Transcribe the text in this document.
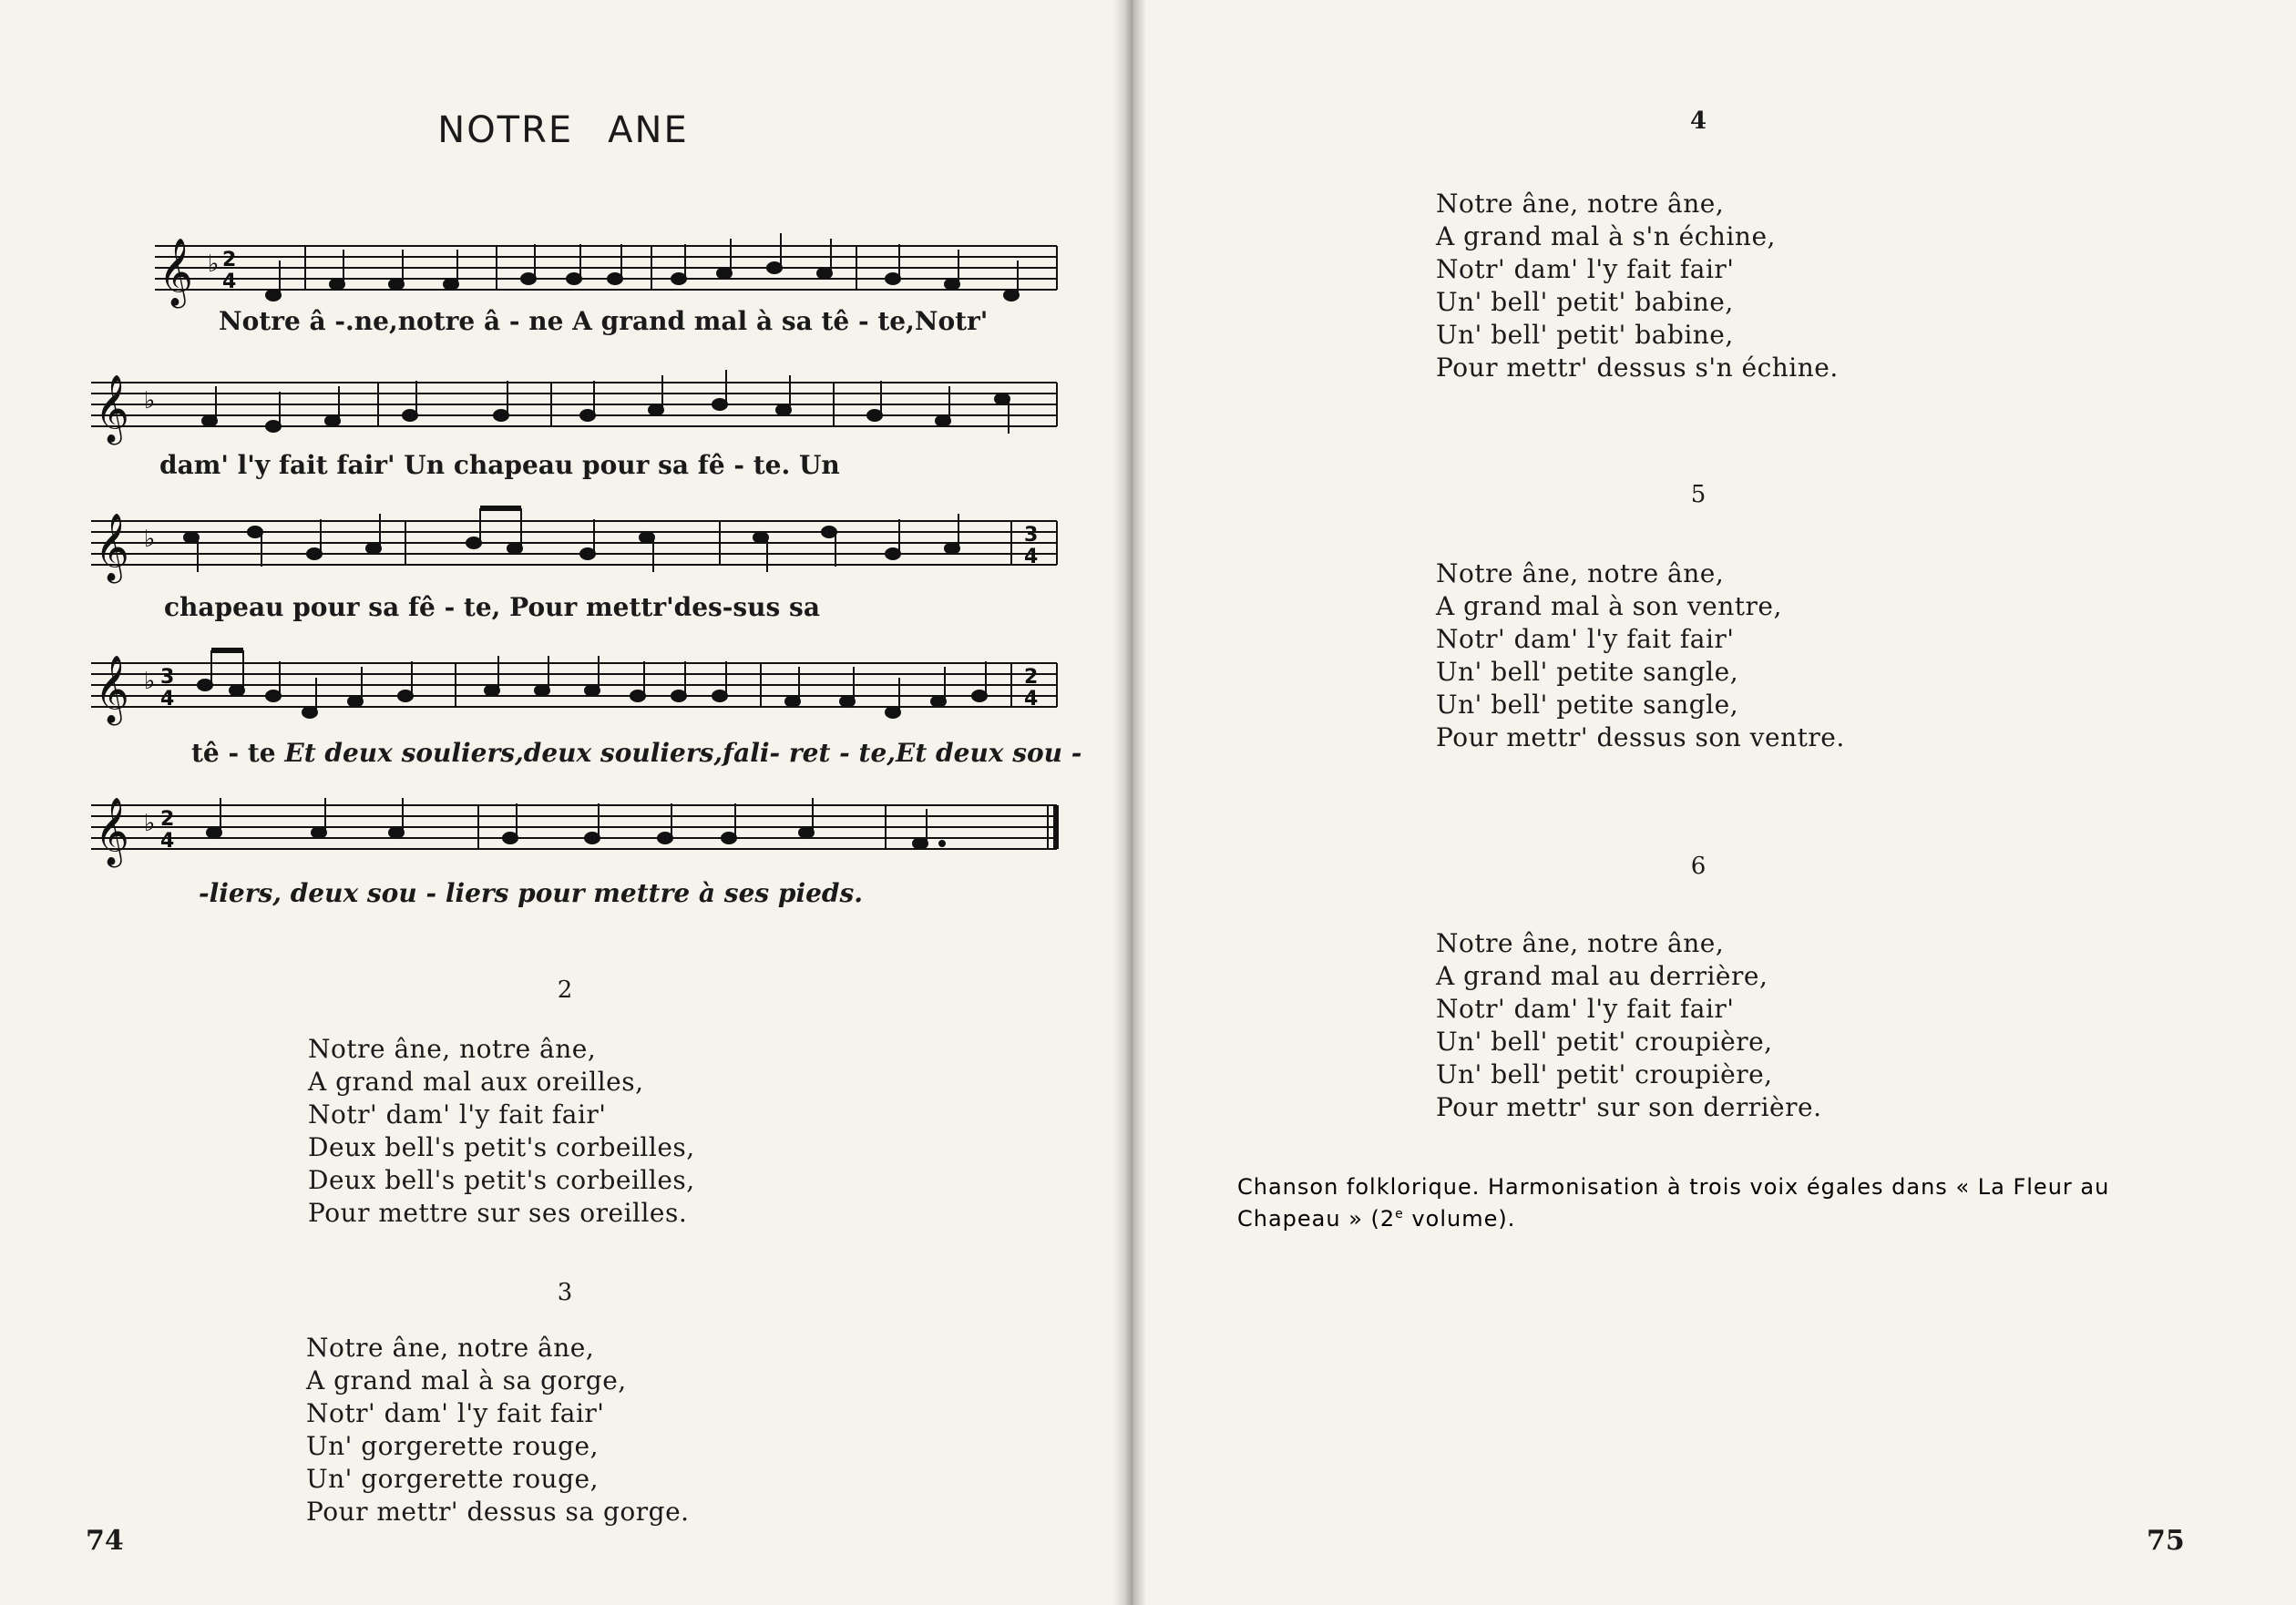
NOTRE ANE
𝄞 ♭ 2
4
Notre â -.ne,notre â - ne A grand mal à sa tê - te,Notr'
𝄞 ♭
dam' l'y fait fair' Un chapeau pour sa fê - te. Un
𝄞 ♭	3
4
chapeau pour sa fê - te, Pour mettr'des-sus sa
𝄞 ♭ 3
4
2
4
tê - te Et deux souliers,deux souliers,fali- ret - te,Et deux sou -
𝄞 ♭ 2
4
-liers, deux sou - liers pour mettre à ses pieds.
2
Notre âne, notre âne,
A grand mal aux oreilles,
Notr' dam' l'y fait fair'
Deux bell's petit's corbeilles,
Deux bell's petit's corbeilles,
Pour mettre sur ses oreilles.
3
Notre âne, notre âne,
A grand mal à sa gorge,
Notr' dam' l'y fait fair'
Un' gorgerette rouge,
Un' gorgerette rouge,
Pour mettr' dessus sa gorge.
74
4
Notre âne, notre âne,
A grand mal à s'n échine,
Notr' dam' l'y fait fair'
Un' bell' petit' babine,
Un' bell' petit' babine,
Pour mettr' dessus s'n échine.
5
Notre âne, notre âne,
A grand mal à son ventre,
Notr' dam' l'y fait fair'
Un' bell' petite sangle,
Un' bell' petite sangle,
Pour mettr' dessus son ventre.
6
Notre âne, notre âne,
A grand mal au derrière,
Notr' dam' l'y fait fair'
Un' bell' petit' croupière,
Un' bell' petit' croupière,
Pour mettr' sur son derrière.
75
Chanson folklorique. Harmonisation à trois voix égales dans « La Fleur au Chapeau » (2e volume).
